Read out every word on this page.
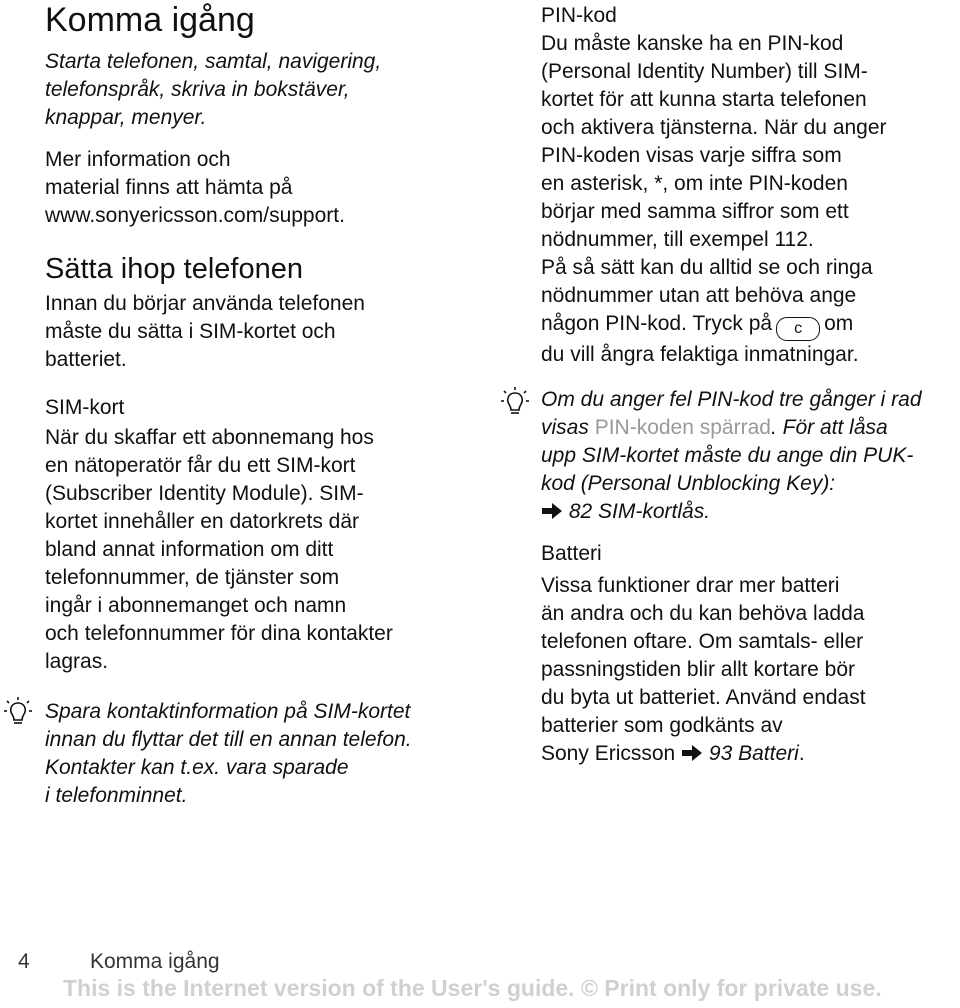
Komma igång

Starta telefonen, samtal, navigering,
telefonspråk, skriva in bokstäver,
knappar, menyer.

Mer information och
material finns att hämta på
www.sonyericsson.com/support.

Sätta ihop telefonen

Innan du börjar använda telefonen
måste du sätta i SIM-kortet och
batteriet.

SIM-kort

När du skaffar ett abonnemang hos
en nätoperatör får du ett SIM-kort
(Subscriber Identity Module). SIM-
kortet innehåller en datorkrets där
bland annat information om ditt
telefonnummer, de tjänster som
ingår i abonnemanget och namn
och telefonnummer för dina kontakter
lagras.

Spara kontaktinformation på SIM-kortet
innan du flyttar det till en annan telefon.
Kontakter kan t.ex. vara sparade
i telefonminnet.

PIN-kod

Du måste kanske ha en PIN-kod
(Personal Identity Number) till SIM-
kortet för att kunna starta telefonen
och aktivera tjänsterna. När du anger
PIN-koden visas varje siffra som
en asterisk, *, om inte PIN-koden
börjar med samma siffror som ett
nödnummer, till exempel 112.
På så sätt kan du alltid se och ringa
nödnummer utan att behöva ange
någon PIN-kod. Tryck på c om
du vill ångra felaktiga inmatningar.

Om du anger fel PIN-kod tre gånger i rad
visas PIN-koden spärrad. För att låsa
upp SIM-kortet måste du ange din PUK-
kod (Personal Unblocking Key):
82 SIM-kortlås.

Batteri

Vissa funktioner drar mer batteri
än andra och du kan behöva ladda
telefonen oftare. Om samtals- eller
passningstiden blir allt kortare bör
du byta ut batteriet. Använd endast
batterier som godkänts av
Sony Ericsson 93 Batteri.

4	Komma igång
This is the Internet version of the User's guide. © Print only for private use.
